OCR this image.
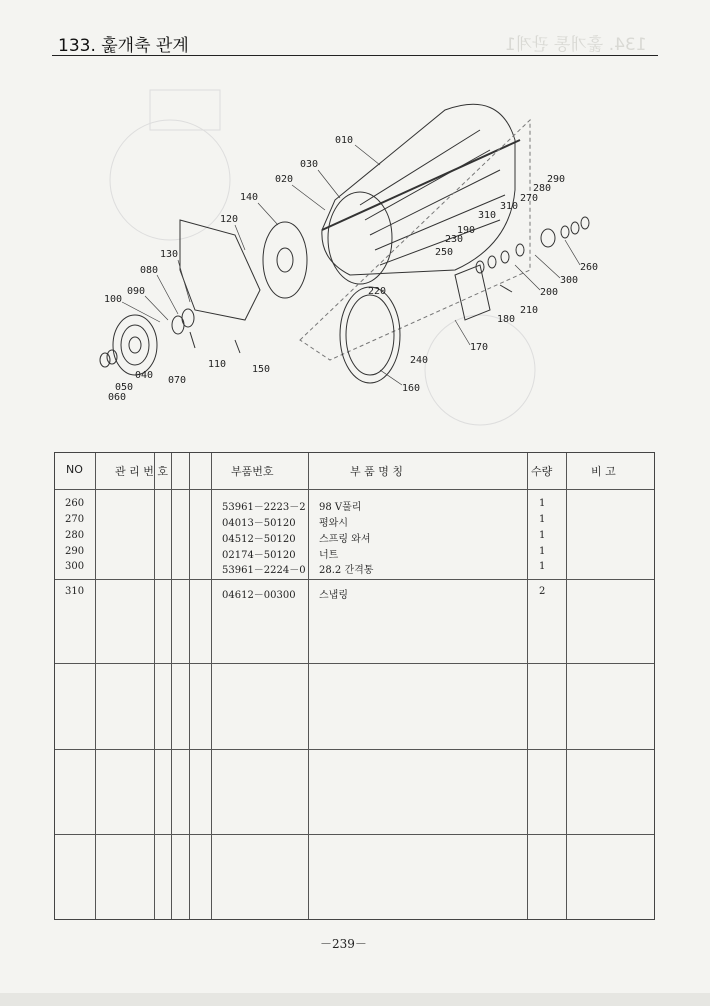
134. 훑개통 관계1
133. 훑개축 관계
010
020
030
040
050
060
070
080
090
100
110
120
130
140
150
160
170
180
190
200
210
220
230
240
250
260
270
280
290
300
310
310
NO	관 리 번 호	부품번호	부 품 명 칭	수량	비 고
260	53961－2223－2 98 V풀리	1
270	04013－50120 평와시	1
280	04512－50120 스프링 와셔	1
290	02174－50120 너트	1
300	53961－2224－0 28.2 간격통	1
310	04612－00300 스냅링	2
－239－
